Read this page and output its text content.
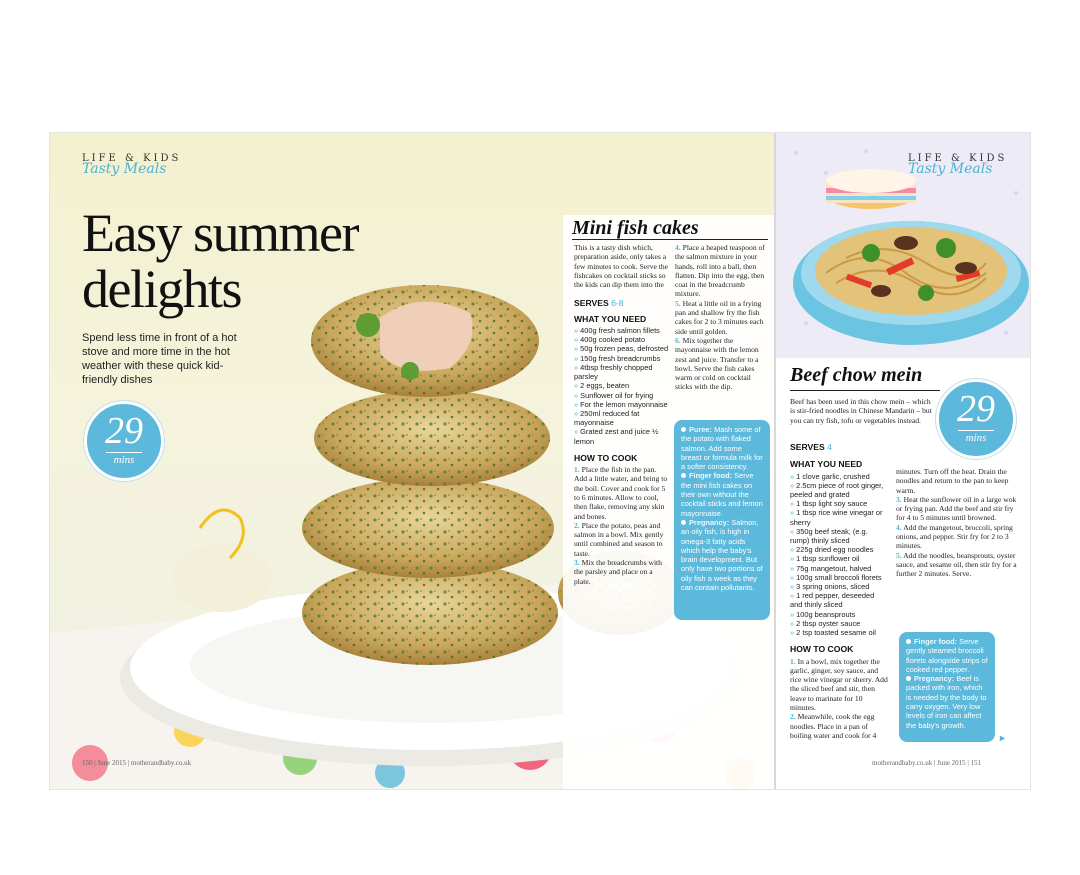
LIFE & KIDS
Tasty Meals
Easy summer
delights
Spend less time in front of a hot stove and more time in the hot weather with these quick kid-friendly dishes
29
mins
Mini fish cakes

This is a tasty dish which, preparation aside, only takes a few minutes to cook. Serve the fishcakes on cocktail sticks so the kids can dip them into the

SERVES 6-8
WHAT YOU NEED
» 400g fresh salmon fillets
» 400g cooked potato
» 50g frozen peas, defrosted
» 150g fresh breadcrumbs
» 4tbsp freshly chopped parsley
» 2 eggs, beaten
» Sunflower oil for frying
» For the lemon mayonnaise
» 250ml reduced fat mayonnaise
» Grated zest and juice ½ lemon
HOW TO COOK

1. Place the fish in the pan. Add a little water, and bring to the boil. Cover and cook for 5 to 6 minutes. Allow to cool, then flake, removing any skin and bones.

2. Place the potato, peas and salmon in a bowl. Mix gently until combined and season to taste.

3. Mix the breadcrumbs with the parsley and place on a plate.

4. Place a heaped teaspoon of the salmon mixture in your hands, roll into a ball, then flatten. Dip into the egg, then coat in the breadcrumb mixture.

5. Heat a little oil in a frying pan and shallow fry the fish cakes for 2 to 3 minutes each side until golden.

6. Mix together the mayonnaise with the lemon zest and juice. Transfer to a bowl. Serve the fish cakes warm or cold on cocktail sticks with the dip.

Puree: Mash some of the potato with flaked salmon. Add some breast or formula milk for a softer consistency.
Finger food: Serve the mini fish cakes on their own without the cocktail sticks and lemon mayonnaise.
Pregnancy: Salmon, an oily fish, is high in omega-3 fatty acids which help the baby's brain development. But only have two portions of oily fish a week as they can contain pollutants.
150 | June 2015 | motherandbaby.co.uk
LIFE & KIDS
Tasty Meals
Beef chow mein
29
mins
Beef has been used in this chow mein – which is stir-fried noodles in Chinese Mandarin – but you can try fish, tofu or vegetables instead.
SERVES 4
WHAT YOU NEED
» 1 clove garlic, crushed
» 2.5cm piece of root ginger, peeled and grated
» 1 tbsp light soy sauce
» 1 tbsp rice wine vinegar or sherry
» 350g beef steak, (e.g. rump) thinly sliced
» 225g dried egg noodles
» 1 tbsp sunflower oil
» 75g mangetout, halved
» 100g small broccoli florets
» 3 spring onions, sliced
» 1 red pepper, deseeded and thinly sliced
» 100g beansprouts
» 2 tbsp oyster sauce
» 2 tsp toasted sesame oil
HOW TO COOK

1. In a bowl, mix together the garlic, ginger, soy sauce, and rice wine vinegar or sherry. Add the sliced beef and stir, then leave to marinate for 10 minutes.

2. Meanwhile, cook the egg noodles. Place in a pan of boiling water and cook for 4

minutes. Turn off the heat. Drain the noodles and return to the pan to keep warm.

3. Heat the sunflower oil in a large wok or frying pan. Add the beef and stir fry for 4 to 5 minutes until browned.

4. Add the mangetout, broccoli, spring onions, and pepper. Stir fry for 2 to 3 minutes.

5. Add the noodles, beansprouts, oyster sauce, and sesame oil, then stir fry for a further 2 minutes. Serve.

Finger food: Serve gently steamed broccoli florets alongside strips of cooked red pepper.
Pregnancy: Beef is packed with iron, which is needed by the body to carry oxygen. Very low levels of iron can affect the baby's growth.
►
motherandbaby.co.uk | June 2015 | 151
